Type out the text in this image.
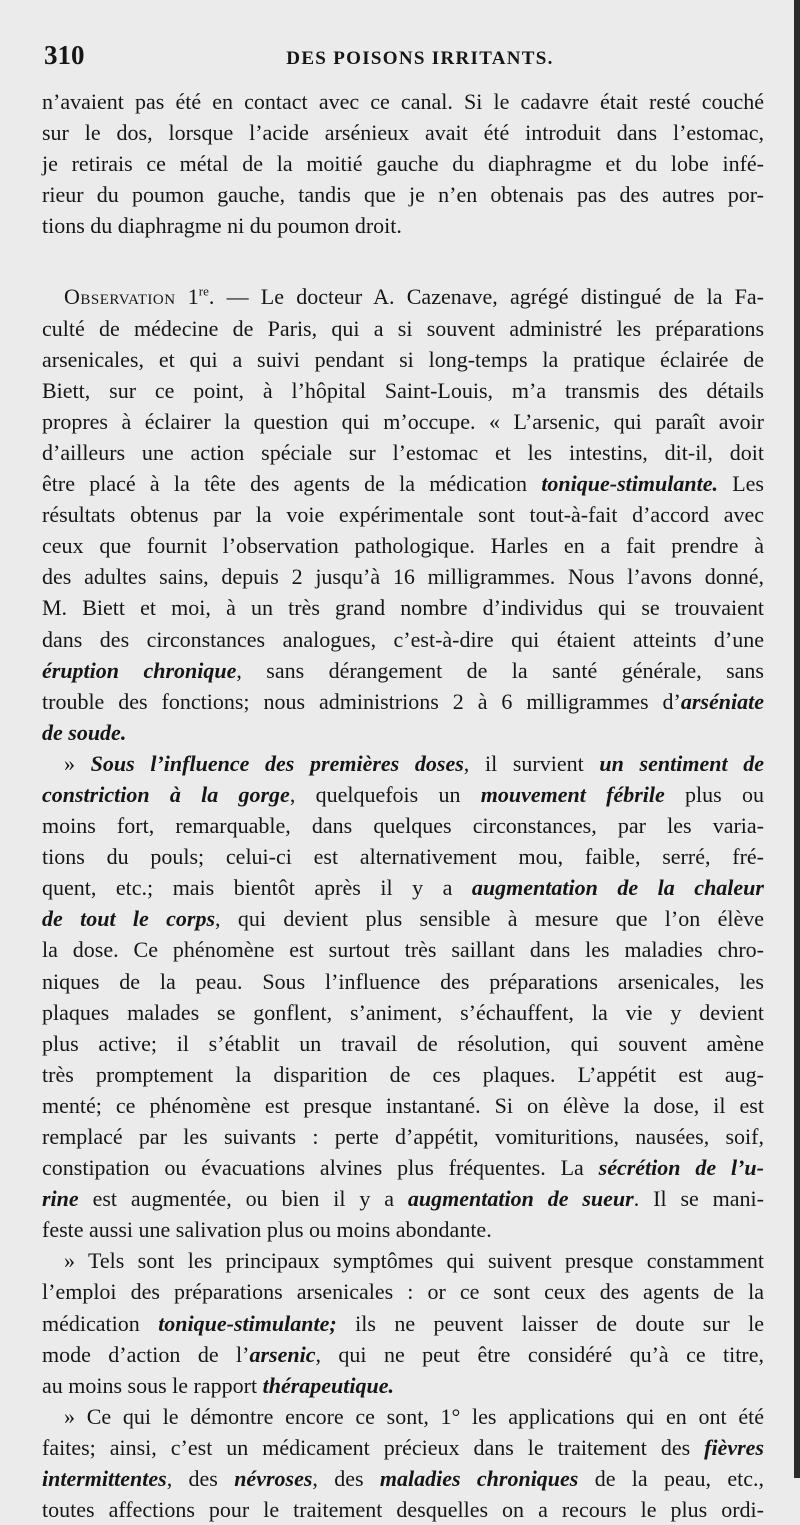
310	DES POISONS IRRITANTS.
n’avaient pas été en contact avec ce canal. Si le cadavre était resté couché
sur le dos, lorsque l’acide arsénieux avait été introduit dans l’estomac,
je retirais ce métal de la moitié gauche du diaphragme et du lobe infé-
rieur du poumon gauche, tandis que je n’en obtenais pas des autres por-
tions du diaphragme ni du poumon droit.
Observation 1re. — Le docteur A. Cazenave, agrégé distingué de la Fa-
culté de médecine de Paris, qui a si souvent administré les préparations
arsenicales, et qui a suivi pendant si long-temps la pratique éclairée de
Biett, sur ce point, à l’hôpital Saint-Louis, m’a transmis des détails
propres à éclairer la question qui m’occupe. « L’arsenic, qui paraît avoir
d’ailleurs une action spéciale sur l’estomac et les intestins, dit-il, doit
être placé à la tête des agents de la médication tonique-stimulante. Les
résultats obtenus par la voie expérimentale sont tout-à-fait d’accord avec
ceux que fournit l’observation pathologique. Harles en a fait prendre à
des adultes sains, depuis 2 jusqu’à 16 milligrammes. Nous l’avons donné,
M. Biett et moi, à un très grand nombre d’individus qui se trouvaient
dans des circonstances analogues, c’est-à-dire qui étaient atteints d’une
éruption chronique, sans dérangement de la santé générale, sans
trouble des fonctions; nous administrions 2 à 6 milligrammes d’arséniate
de soude.
» Sous l’influence des premières doses, il survient un sentiment de
constriction à la gorge, quelquefois un mouvement fébrile plus ou
moins fort, remarquable, dans quelques circonstances, par les varia-
tions du pouls; celui-ci est alternativement mou, faible, serré, fré-
quent, etc.; mais bientôt après il y a augmentation de la chaleur
de tout le corps, qui devient plus sensible à mesure que l’on élève
la dose. Ce phénomène est surtout très saillant dans les maladies chro-
niques de la peau. Sous l’influence des préparations arsenicales, les
plaques malades se gonflent, s’animent, s’échauffent, la vie y devient
plus active; il s’établit un travail de résolution, qui souvent amène
très promptement la disparition de ces plaques. L’appétit est aug-
menté; ce phénomène est presque instantané. Si on élève la dose, il est
remplacé par les suivants : perte d’appétit, vomituritions, nausées, soif,
constipation ou évacuations alvines plus fréquentes. La sécrétion de l’u-
rine est augmentée, ou bien il y a augmentation de sueur. Il se mani-
feste aussi une salivation plus ou moins abondante.
» Tels sont les principaux symptômes qui suivent presque constamment
l’emploi des préparations arsenicales : or ce sont ceux des agents de la
médication tonique-stimulante; ils ne peuvent laisser de doute sur le
mode d’action de l’arsenic, qui ne peut être considéré qu’à ce titre,
au moins sous le rapport thérapeutique.
» Ce qui le démontre encore ce sont, 1° les applications qui en ont été
faites; ainsi, c’est un médicament précieux dans le traitement des fièvres
intermittentes, des névroses, des maladies chroniques de la peau, etc.,
toutes affections pour le traitement desquelles on a recours le plus ordi-
